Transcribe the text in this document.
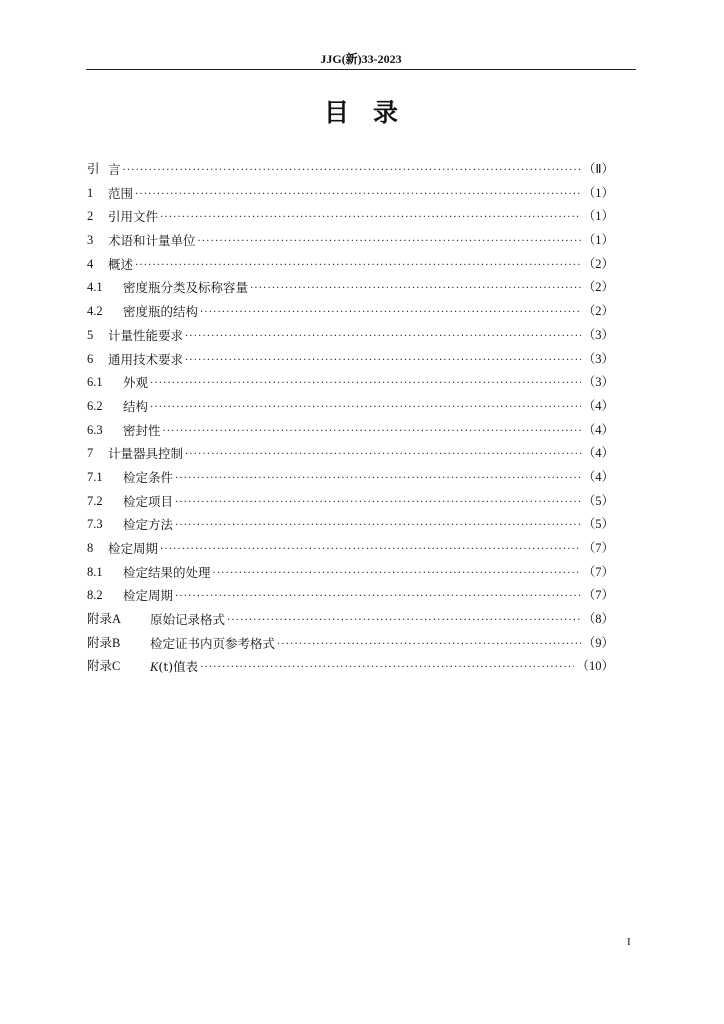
JJG(新)33-2023
目录
引 言 ·····	（Ⅱ）
1	范围 ·····	（1）
2	引用文件 ·····	（1）
3	术语和计量单位 ·····	（1）
4	概述 ·····	（2）
4.1	密度瓶分类及标称容量 ·····	（2）
4.2	密度瓶的结构 ·····	（2）
5	计量性能要求 ·····	（3）
6	通用技术要求 ·····	（3）
6.1	外观 ·····	（3）
6.2	结构 ·····	（4）
6.3	密封性 ·····	（4）
7	计量器具控制 ·····	（4）
7.1	检定条件 ·····	（4）
7.2	检定项目 ·····	（5）
7.3	检定方法 ·····	（5）
8	检定周期 ·····	（7）
8.1	检定结果的处理 ·····	（7）
8.2	检定周期 ·····	（7）
附录A	原始记录格式 ·····	（8）
附录B	检定证书内页参考格式 ·····	（9）
附录C	K(t)值表 ·····	（10）
I
